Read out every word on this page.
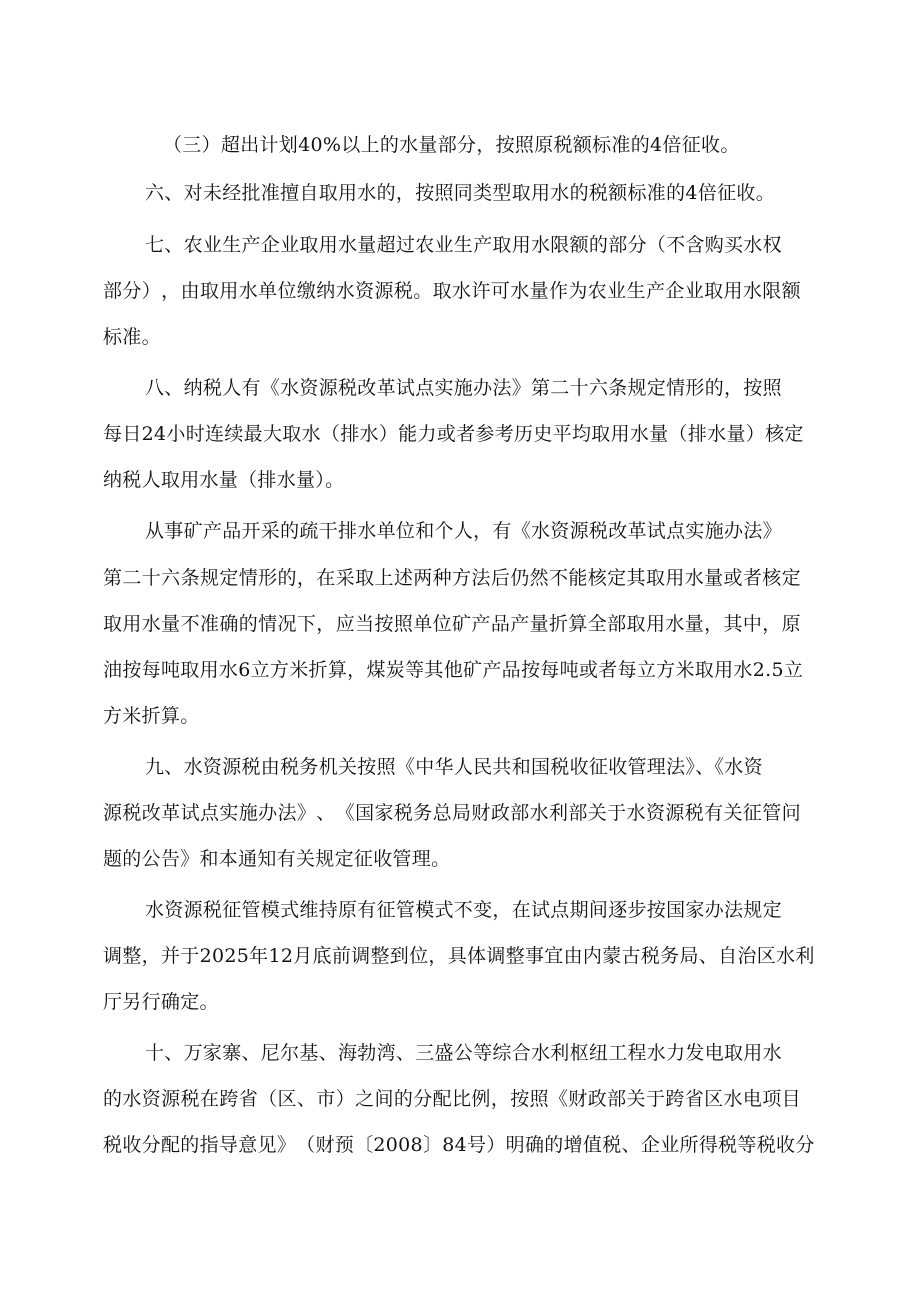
（三）超出计划40%以上的水量部分，按照原税额标准的4倍征收。

六、对未经批准擅自取用水的，按照同类型取用水的税额标准的4倍征收。

七、农业生产企业取用水量超过农业生产取用水限额的部分（不含购买水权

部 分 ） ， 由 取 用 水 单 位 缴 纳 水 资 源 税 。 取 水 许 可 水 量 作 为 农 业 生 产 企 业 取 用 水 限 额

标准。

八、纳税人有《水资源税改革试点实施办法》第二十六条规定情形的，按照

每 日 2 4 小 时 连 续 最 大 取 水 （ 排 水 ） 能 力 或 者 参 考 历 史 平 均 取 用 水 量 （ 排 水 量 ） 核 定

纳税人取用水量（排水量）。

从事矿产品开采的疏干排水单位和个人，有《水资源税改革试点实施办法》

第 二 十 六 条 规 定 情 形 的 ， 在 采 取 上 述 两 种 方 法 后 仍 然 不 能 核 定 其 取 用 水 量 或 者 核 定

取 用 水 量 不 准 确 的 情 况 下 ， 应 当 按 照 单 位 矿 产 品 产 量 折 算 全 部 取 用 水 量 ， 其 中 ， 原

油 按 每 吨 取 用 水 6 立 方 米 折 算 ， 煤 炭 等 其 他 矿 产 品 按 每 吨 或 者 每 立 方 米 取 用 水 2 . 5 立

方米折算。

九、水资源税由税务机关按照《中华人民共和国税收征收管理法》、《水资

源 税 改 革 试 点 实 施 办 法 》 、 《 国 家 税 务 总 局 财 政 部 水 利 部 关 于 水 资 源 税 有 关 征 管 问

题的公告》和本通知有关规定征收管理。

水资源税征管模式维持原有征管模式不变，在试点期间逐步按国家办法规定

调 整 ， 并 于 2 0 2 5 年 1 2 月 底 前 调 整 到 位 ， 具 体 调 整 事 宜 由 内 蒙 古 税 务 局 、 自 治 区 水 利

厅另行确定。

十、万家寨、尼尔基、海勃湾、三盛公等综合水利枢纽工程水力发电取用水

的 水 资 源 税 在 跨 省 （ 区 、 市 ） 之 间 的 分 配 比 例 ， 按 照 《 财 政 部 关 于 跨 省 区 水 电 项 目

税 收 分 配 的 指 导 意 见 》 （ 财 预 〔 2 0 0 8 〕 8 4 号 ） 明 确 的 增 值 税 、 企 业 所 得 税 等 税 收 分
